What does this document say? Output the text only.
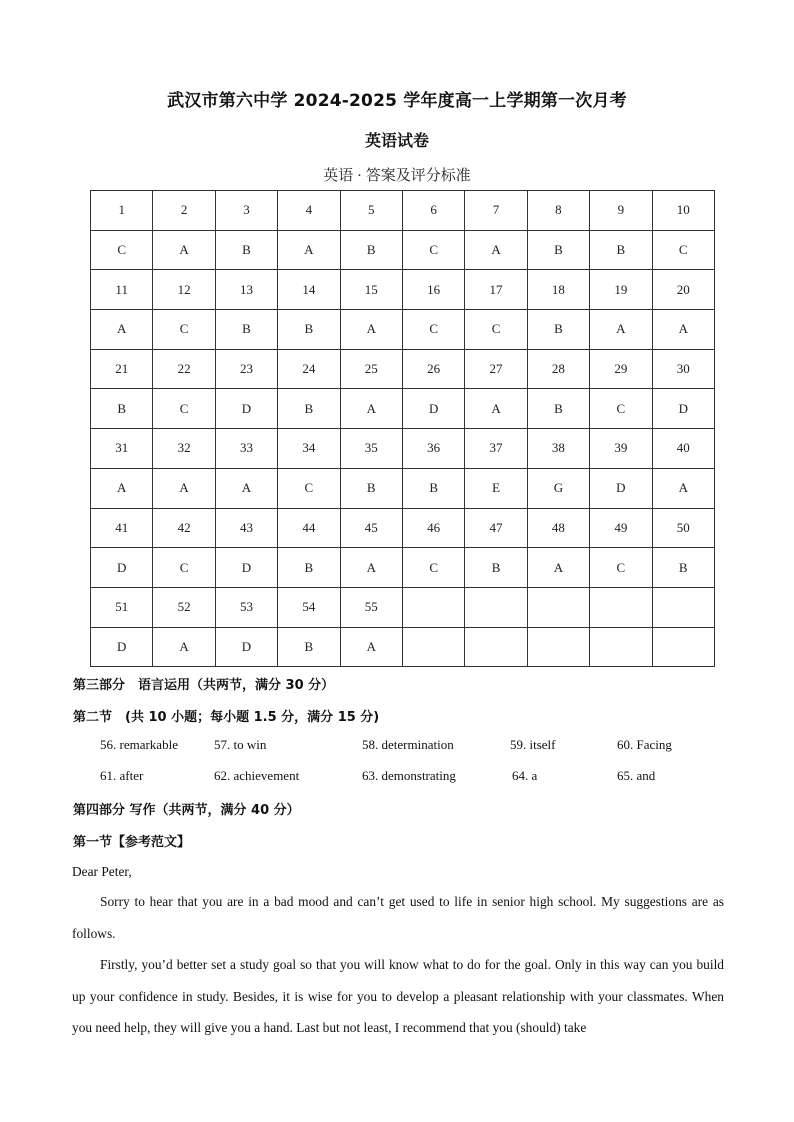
武汉市第六中学 2024-2025 学年度高一上学期第一次月考
英语试卷
英语 · 答案及评分标准
1	2	3	4	5	6	7	8	9	10
C	A	B	A	B	C	A	B	B	C
11	12	13	14	15	16	17	18	19	20
A	C	B	B	A	C	C	B	A	A
21	22	23	24	25	26	27	28	29	30
B	C	D	B	A	D	A	B	C	D
31	32	33	34	35	36	37	38	39	40
A	A	A	C	B	B	E	G	D	A
41	42	43	44	45	46	47	48	49	50
D	C	D	B	A	C	B	A	C	B
51	52	53	54	55					
D	A	D	B	A					
第三部分　语言运用（共两节，满分 30 分）
第二节　(共 10 小题；每小题 1.5 分，满分 15 分)
56. remarkable	57. to win	58. determination	59. itself	60. Facing
61. after	62. achievement	63. demonstrating	64. a	65. and
第四部分 写作（共两节，满分 40 分）
第一节【参考范文】
Dear Peter,
Sorry to hear that you are in a bad mood and can’t get used to life in senior high school. My suggestions are as follows.
Firstly, you’d better set a study goal so that you will know what to do for the goal. Only in this way can you build up your confidence in study. Besides, it is wise for you to develop a pleasant relationship with your classmates. When you need help, they will give you a hand. Last but not least, I recommend that you (should) take
